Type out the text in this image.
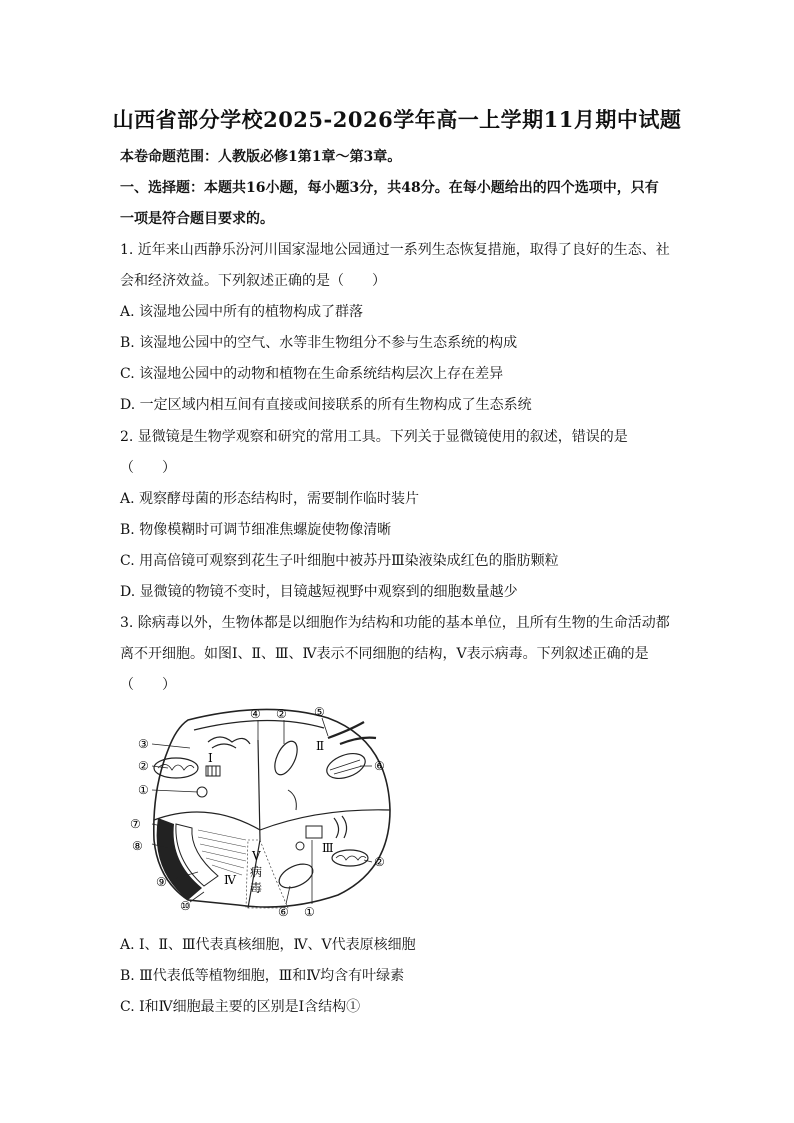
山西省部分学校2025-2026学年高一上学期11月期中试题
本卷命题范围：人教版必修1第1章～第3章。
一、选择题：本题共16小题，每小题3分，共48分。在每小题给出的四个选项中，只有
一项是符合题目要求的。
1. 近年来山西静乐汾河川国家湿地公园通过一系列生态恢复措施，取得了良好的生态、社
会和经济效益。下列叙述正确的是（　　）
A. 该湿地公园中所有的植物构成了群落
B. 该湿地公园中的空气、水等非生物组分不参与生态系统的构成
C. 该湿地公园中的动物和植物在生命系统结构层次上存在差异
D. 一定区域内相互间有直接或间接联系的所有生物构成了生态系统
2. 显微镜是生物学观察和研究的常用工具。下列关于显微镜使用的叙述，错误的是
（　　）
A. 观察酵母菌的形态结构时，需要制作临时装片
B. 物像模糊时可调节细准焦螺旋使物像清晰
C. 用高倍镜可观察到花生子叶细胞中被苏丹Ⅲ染液染成红色的脂肪颗粒
D. 显微镜的物镜不变时，目镜越短视野中观察到的细胞数量越少
3. 除病毒以外，生物体都是以细胞作为结构和功能的基本单位，且所有生物的生命活动都
离不开细胞。如图Ⅰ、Ⅱ、Ⅲ、Ⅳ表示不同细胞的结构，Ⅴ表示病毒。下列叙述正确的是
（　　）
③
②
①
⑦
⑧
⑨
⑩
④ ② ⑤
⑥
②
⑥ ①
Ⅰ
Ⅱ
Ⅲ
Ⅳ
Ⅴ
病
毒
A. Ⅰ、Ⅱ、Ⅲ代表真核细胞，Ⅳ、Ⅴ代表原核细胞
B. Ⅲ代表低等植物细胞，Ⅲ和Ⅳ均含有叶绿素
C. Ⅰ和Ⅳ细胞最主要的区别是Ⅰ含结构①
